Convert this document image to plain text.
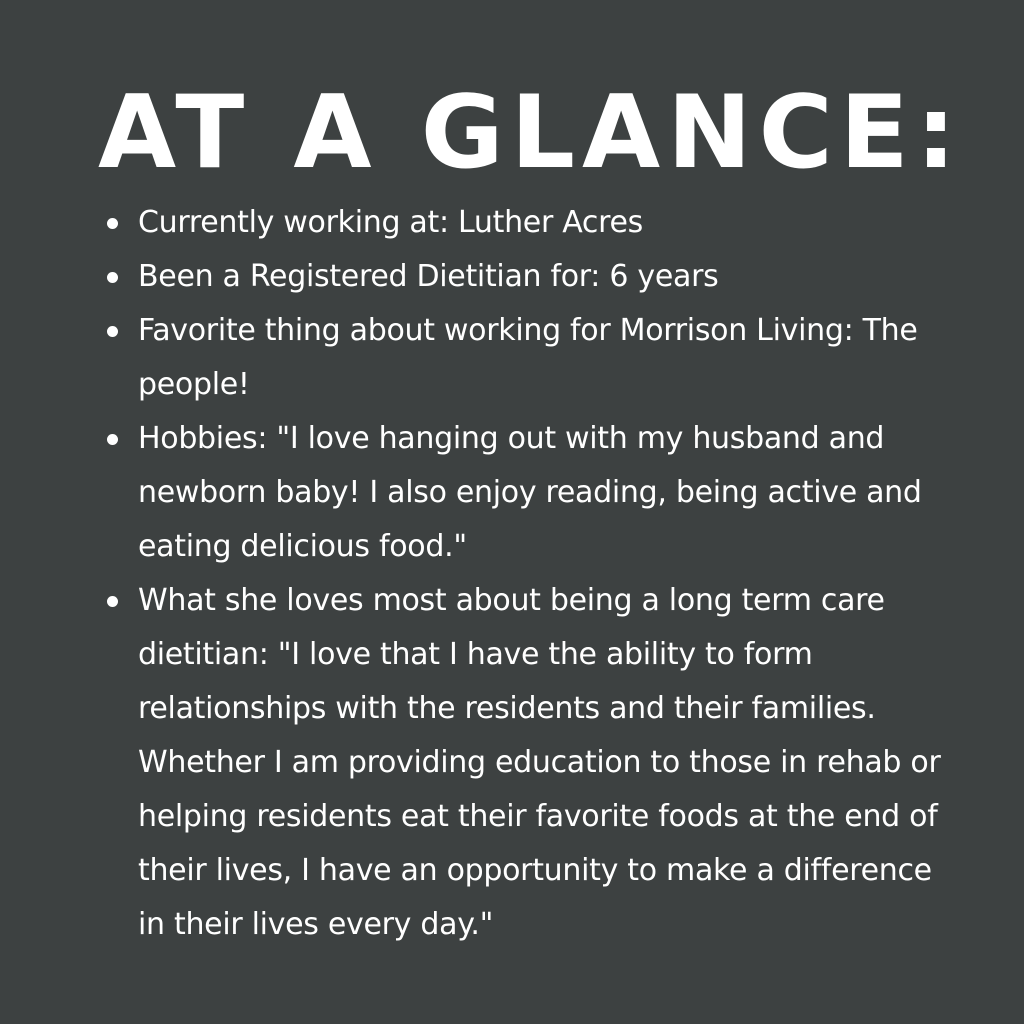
AT A GLANCE:
Currently working at: Luther Acres
Been a Registered Dietitian for: 6 years
Favorite thing about working for Morrison Living: The people!
Hobbies: "I love hanging out with my husband and newborn baby! I also enjoy reading, being active and eating delicious food."
What she loves most about being a long term care dietitian: "I love that I have the ability to form relationships with the residents and their families. Whether I am providing education to those in rehab or helping residents eat their favorite foods at the end of their lives, I have an opportunity to make a difference in their lives every day."
